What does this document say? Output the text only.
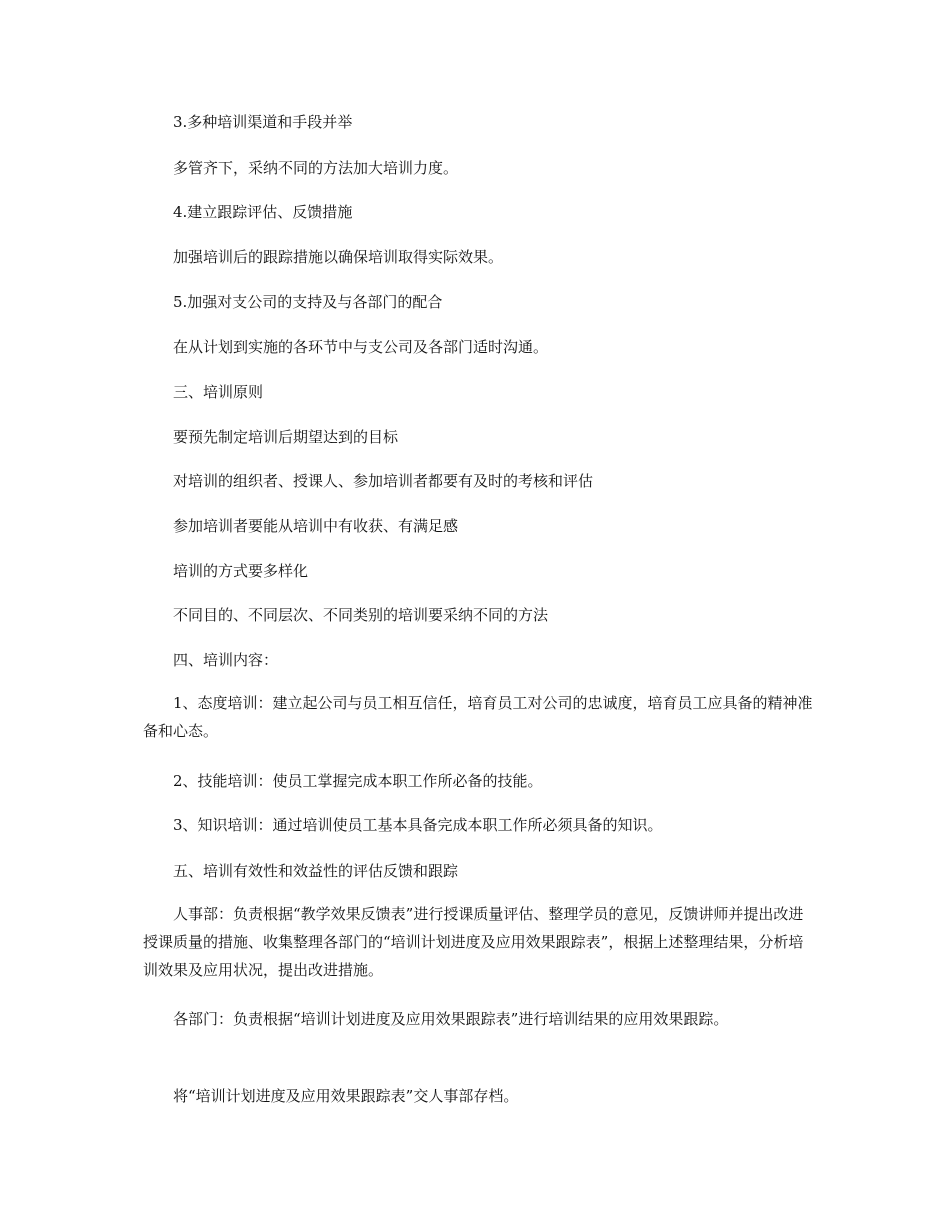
3.多种培训渠道和手段并举

多管齐下，采纳不同的方法加大培训力度。

4.建立跟踪评估、反馈措施

加强培训后的跟踪措施以确保培训取得实际效果。

5.加强对支公司的支持及与各部门的配合

在从计划到实施的各环节中与支公司及各部门适时沟通。

三、培训原则

要预先制定培训后期望达到的目标

对培训的组织者、授课人、参加培训者都要有及时的考核和评估

参加培训者要能从培训中有收获、有满足感

培训的方式要多样化

不同目的、不同层次、不同类别的培训要采纳不同的方法

四、培训内容：

1、态度培训：建立起公司与员工相互信任，培育员工对公司的忠诚度，培育员工应具备的精神准备和心态。

2、技能培训：使员工掌握完成本职工作所必备的技能。

3、知识培训：通过培训使员工基本具备完成本职工作所必须具备的知识。

五、培训有效性和效益性的评估反馈和跟踪

人事部：负责根据“教学效果反馈表”进行授课质量评估、整理学员的意见，反馈讲师并提出改进授课质量的措施、收集整理各部门的“培训计划进度及应用效果跟踪表”，根据上述整理结果，分析培训效果及应用状况，提出改进措施。

各部门：负责根据“培训计划进度及应用效果跟踪表”进行培训结果的应用效果跟踪。

将“培训计划进度及应用效果跟踪表”交人事部存档。
